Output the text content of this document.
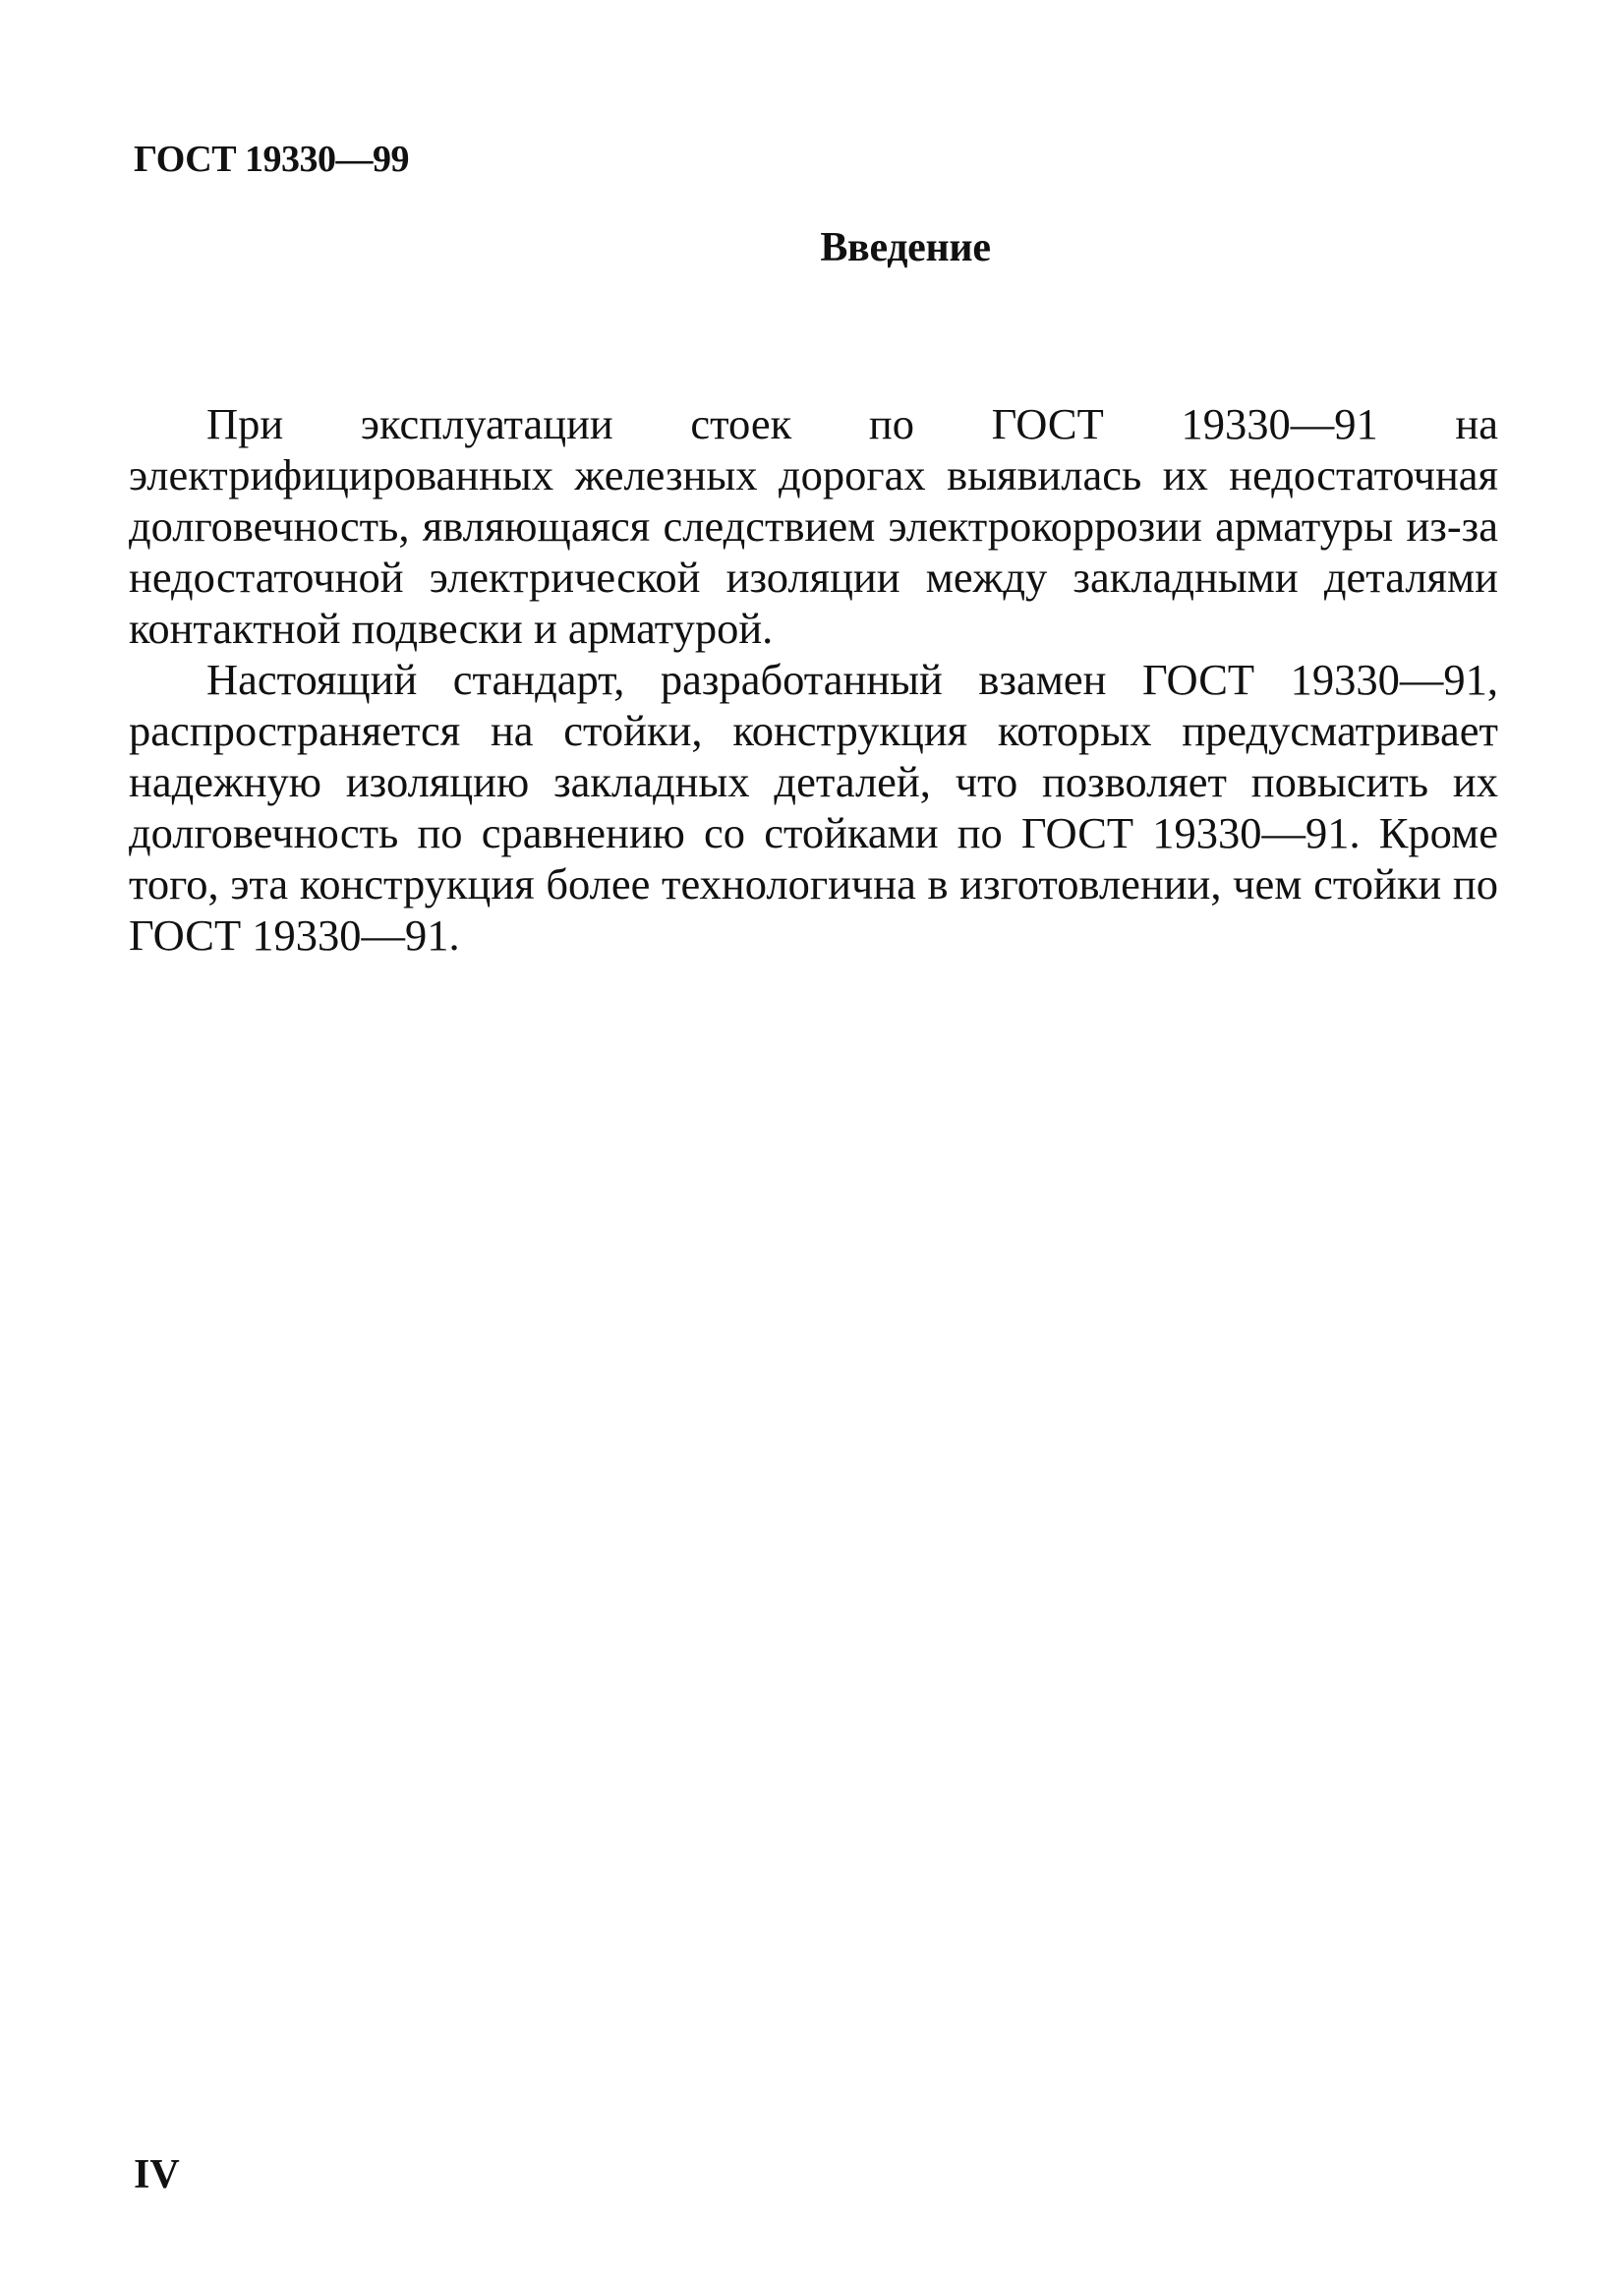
ГОСТ 19330—99
Введение

При эксплуатации стоек по ГОСТ 19330—91 на электрифицированных железных дорогах выявилась их недостаточная долговечность, являющаяся следствием электрокоррозии арматуры из-за недостаточной электрической изоляции между закладными деталями контактной подвески и арматурой.

Настоящий стандарт, разработанный взамен ГОСТ 19330—91, распространяется на стойки, конструкция которых предусматривает надежную изоляцию закладных деталей, что позволяет повысить их долговечность по сравнению со стойками по ГОСТ 19330—91. Кроме того, эта конструкция более технологична в изготовлении, чем стойки по ГОСТ 19330—91.

IV
